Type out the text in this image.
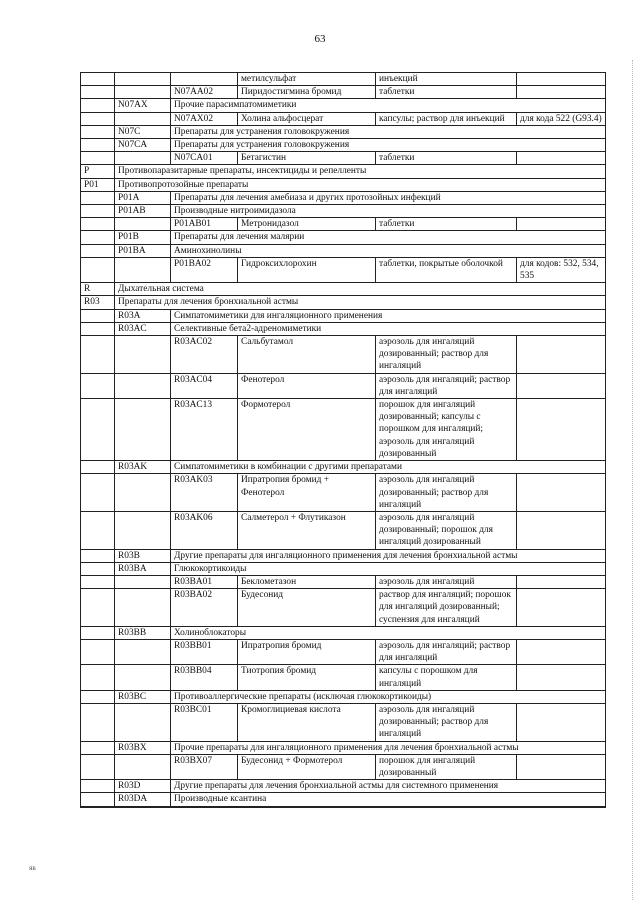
63
			метилсульфат	инъекций	
		N07AA02	Пиридостигмина бромид	таблетки	
	N07AX	Прочие парасимпатомиметики			
		N07AX02	Холина альфосцерат	капсулы; раствор для инъекций	для кода 522 (G93.4)
	N07C	Препараты для устранения головокружения			
	N07CA	Препараты для устранения головокружения			
		N07CA01	Бетагистин	таблетки	
P	Противопаразитарные препараты, инсектициды и репелленты				
P01	Противопротозойные препараты				
	P01A	Препараты для лечения амебиаза и других протозойных инфекций			
	P01AB	Производные нитроимидазола			
		P01AB01	Метронидазол	таблетки	
	P01B	Препараты для лечения малярии			
	P01BA	Аминохинолины			
		P01BA02	Гидроксихлорохин	таблетки, покрытые оболочкой	для кодов: 532, 534, 535
R	Дыхательная система				
R03	Препараты для лечения бронхиальной астмы				
	R03A	Симпатомиметики для ингаляционного применения			
	R03AC	Селективные бета2-адреномиметики			
		R03AC02	Сальбутамол	аэрозоль для ингаляций дозированный; раствор для ингаляций	
		R03AC04	Фенотерол	аэрозоль для ингаляций; раствор для ингаляций	
		R03AC13	Формотерол	порошок для ингаляций дозированный; капсулы с порошком для ингаляций; аэрозоль для ингаляций дозированный	
	R03AK	Симпатомиметики в комбинации с другими препаратами			
		R03AK03	Ипратропия бромид + Фенотерол	аэрозоль для ингаляций дозированный; раствор для ингаляций	
		R03AK06	Салметерол + Флутиказон	аэрозоль для ингаляций дозированный; порошок для ингаляций дозированный	
	R03B	Другие препараты для ингаляционного применения для лечения бронхиальной астмы			
	R03BA	Глюкокортикоиды			
		R03BA01	Беклометазон	аэрозоль для ингаляций	
		R03BA02	Будесонид	раствор для ингаляций; порошок для ингаляций дозированный; суспензия для ингаляций	
	R03BB	Холиноблокаторы			
		R03BB01	Ипратропия бромид	аэрозоль для ингаляций; раствор для ингаляций	
		R03BB04	Тиотропия бромид	капсулы с порошком для ингаляций	
	R03BC	Противоаллергические препараты (исключая глюкокортикоиды)			
		R03BC01	Кромоглициевая кислота	аэрозоль для ингаляций дозированный; раствор для ингаляций	
	R03BX	Прочие препараты для ингаляционного применения для лечения бронхиальной астмы			
		R03BX07	Будесонид + Формотерол	порошок для ингаляций дозированный	
	R03D	Другие препараты для лечения бронхиальной астмы для системного применения			
	R03DA	Производные ксантина			

ЯВ
